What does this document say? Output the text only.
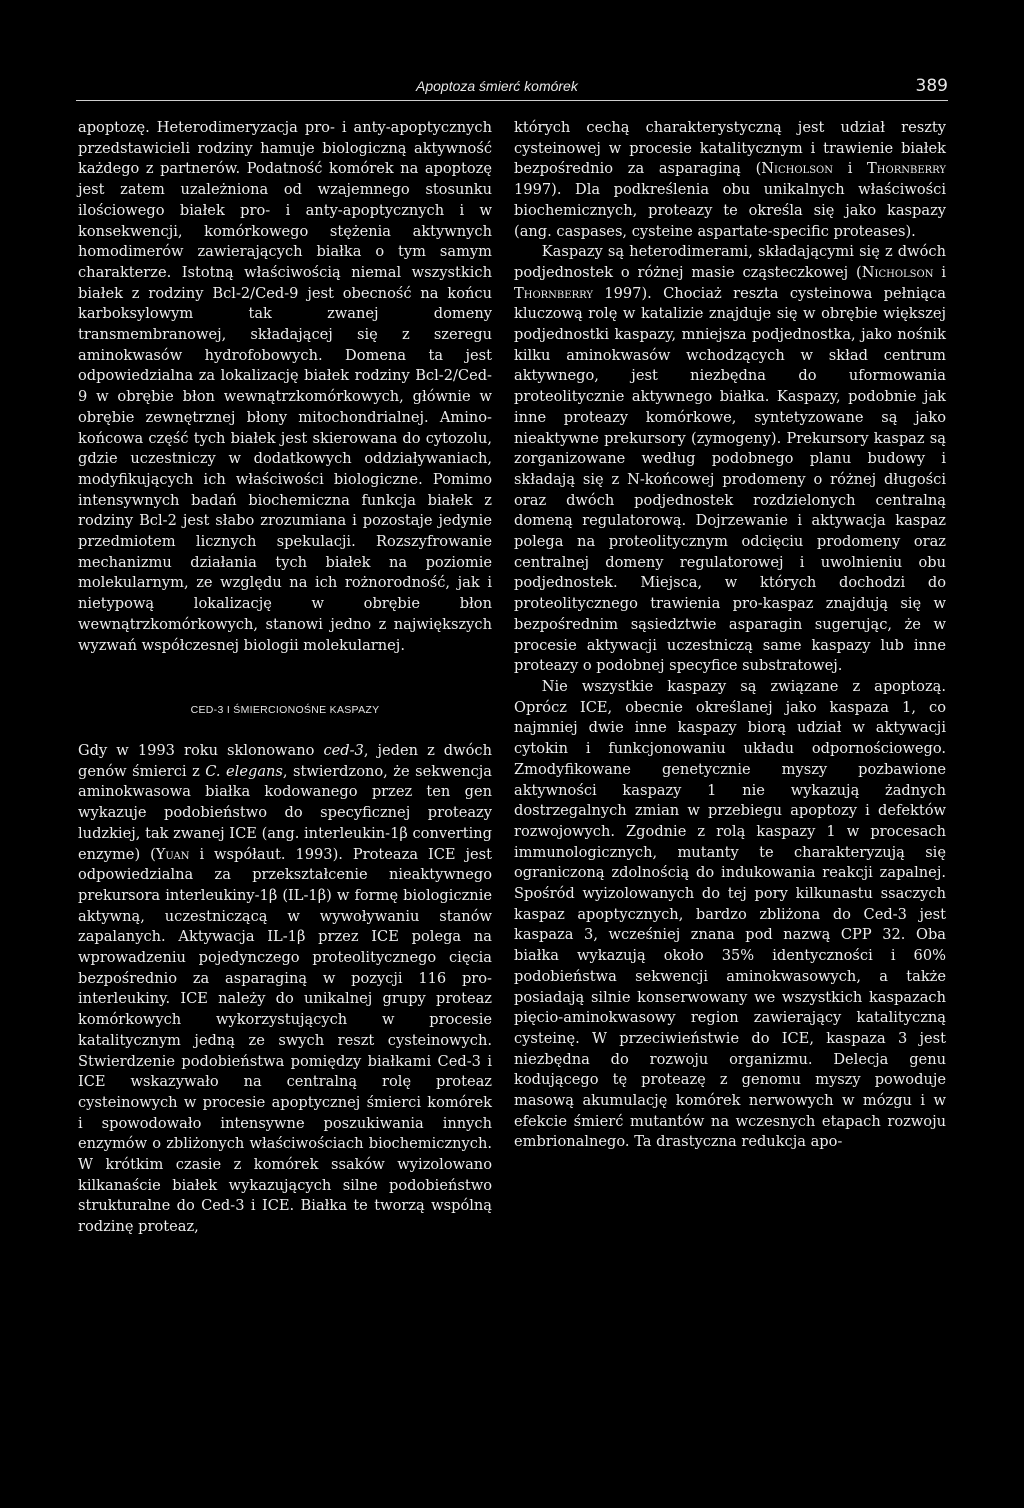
Apoptoza śmierć komórek	389

apoptozę. Heterodimeryzacja pro- i anty-apoptycznych przedstawicieli rodziny hamuje biologiczną aktywność każdego z partnerów. Podatność komórek na apoptozę jest zatem uzależniona od wzajemnego stosunku ilościowego białek pro- i anty-apoptycznych i w konsekwencji, komórkowego stężenia aktywnych homodimerów zawierających białka o tym samym charakterze. Istotną właściwością niemal wszystkich białek z rodziny Bcl-2/Ced-9 jest obecność na końcu karboksylowym tak zwanej domeny transmembranowej, składającej się z szeregu aminokwasów hydrofobowych. Domena ta jest odpowiedzialna za lokalizację białek rodziny Bcl-2/Ced-9 w obrębie błon wewnątrzkomórkowych, głównie w obrębie zewnętrznej błony mitochondrialnej. Amino-końcowa część tych białek jest skierowana do cytozolu, gdzie uczestniczy w dodatkowych oddziaływaniach, modyfikujących ich właściwości biologiczne. Pomimo intensywnych badań biochemiczna funkcja białek z rodziny Bcl-2 jest słabo zrozumiana i pozostaje jedynie przedmiotem licznych spekulacji. Rozszyfrowanie mechanizmu działania tych białek na poziomie molekularnym, ze względu na ich rożnorodność, jak i nietypową lokalizację w obrębie błon wewnątrzkomórkowych, stanowi jedno z największych wyzwań współczesnej biologii molekularnej.

CED-3 I ŚMIERCIONOŚNE KASPAZY

Gdy w 1993 roku sklonowano ced-3, jeden z dwóch genów śmierci z C. elegans, stwierdzono, że sekwencja aminokwasowa białka kodowanego przez ten gen wykazuje podobieństwo do specyficznej proteazy ludzkiej, tak zwanej ICE (ang. interleukin-1β converting enzyme) (Yuan i współaut. 1993). Proteaza ICE jest odpowiedzialna za przekształcenie nieaktywnego prekursora interleukiny-1β (IL-1β) w formę biologicznie aktywną, uczestniczącą w wywoływaniu stanów zapalanych. Aktywacja IL-1β przez ICE polega na wprowadzeniu pojedynczego proteolitycznego cięcia bezpośrednio za asparaginą w pozycji 116 pro-interleukiny. ICE należy do unikalnej grupy proteaz komórkowych wykorzystujących w procesie katalitycznym jedną ze swych reszt cysteinowych. Stwierdzenie podobieństwa pomiędzy białkami Ced-3 i ICE wskazywało na centralną rolę proteaz cysteinowych w procesie apoptycznej śmierci komórek i spowodowało intensywne poszukiwania innych enzymów o zbliżonych właściwościach biochemicznych. W krótkim czasie z komórek ssaków wyizolowano kilkanaście białek wykazujących silne podobieństwo strukturalne do Ced-3 i ICE. Białka te tworzą wspólną rodzinę proteaz,

których cechą charakterystyczną jest udział reszty cysteinowej w procesie katalitycznym i trawienie białek bezpośrednio za asparaginą (Nicholson i Thornberry 1997). Dla podkreślenia obu unikalnych właściwości biochemicznych, proteazy te określa się jako kaspazy (ang. caspases, cysteine aspartate-specific proteases).

Kaspazy są heterodimerami, składającymi się z dwóch podjednostek o różnej masie cząsteczkowej (Nicholson i Thornberry 1997). Chociaż reszta cysteinowa pełniąca kluczową rolę w katalizie znajduje się w obrębie większej podjednostki kaspazy, mniejsza podjednostka, jako nośnik kilku aminokwasów wchodzących w skład centrum aktywnego, jest niezbędna do uformowania proteolitycznie aktywnego białka. Kaspazy, podobnie jak inne proteazy komórkowe, syntetyzowane są jako nieaktywne prekursory (zymogeny). Prekursory kaspaz są zorganizowane według podobnego planu budowy i składają się z N-końcowej prodomeny o różnej długości oraz dwóch podjednostek rozdzielonych centralną domeną regulatorową. Dojrzewanie i aktywacja kaspaz polega na proteolitycznym odcięciu prodomeny oraz centralnej domeny regulatorowej i uwolnieniu obu podjednostek. Miejsca, w których dochodzi do proteolitycznego trawienia pro-kaspaz znajdują się w bezpośrednim sąsiedztwie asparagin sugerując, że w procesie aktywacji uczestniczą same kaspazy lub inne proteazy o podobnej specyfice substratowej.

Nie wszystkie kaspazy są związane z apoptozą. Oprócz ICE, obecnie określanej jako kaspaza 1, co najmniej dwie inne kaspazy biorą udział w aktywacji cytokin i funkcjonowaniu układu odpornościowego. Zmodyfikowane genetycznie myszy pozbawione aktywności kaspazy 1 nie wykazują żadnych dostrzegalnych zmian w przebiegu apoptozy i defektów rozwojowych. Zgodnie z rolą kaspazy 1 w procesach immunologicznych, mutanty te charakteryzują się ograniczoną zdolnością do indukowania reakcji zapalnej. Spośród wyizolowanych do tej pory kilkunastu ssaczych kaspaz apoptycznych, bardzo zbliżona do Ced-3 jest kaspaza 3, wcześniej znana pod nazwą CPP 32. Oba białka wykazują około 35% identyczności i 60% podobieństwa sekwencji aminokwasowych, a także posiadają silnie konserwowany we wszystkich kaspazach pięcio-aminokwasowy region zawierający katalityczną cysteinę. W przeciwieństwie do ICE, kaspaza 3 jest niezbędna do rozwoju organizmu. Delecja genu kodującego tę proteazę z genomu myszy powoduje masową akumulację komórek nerwowych w mózgu i w efekcie śmierć mutantów na wczesnych etapach rozwoju embrionalnego. Ta drastyczna redukcja apo-
